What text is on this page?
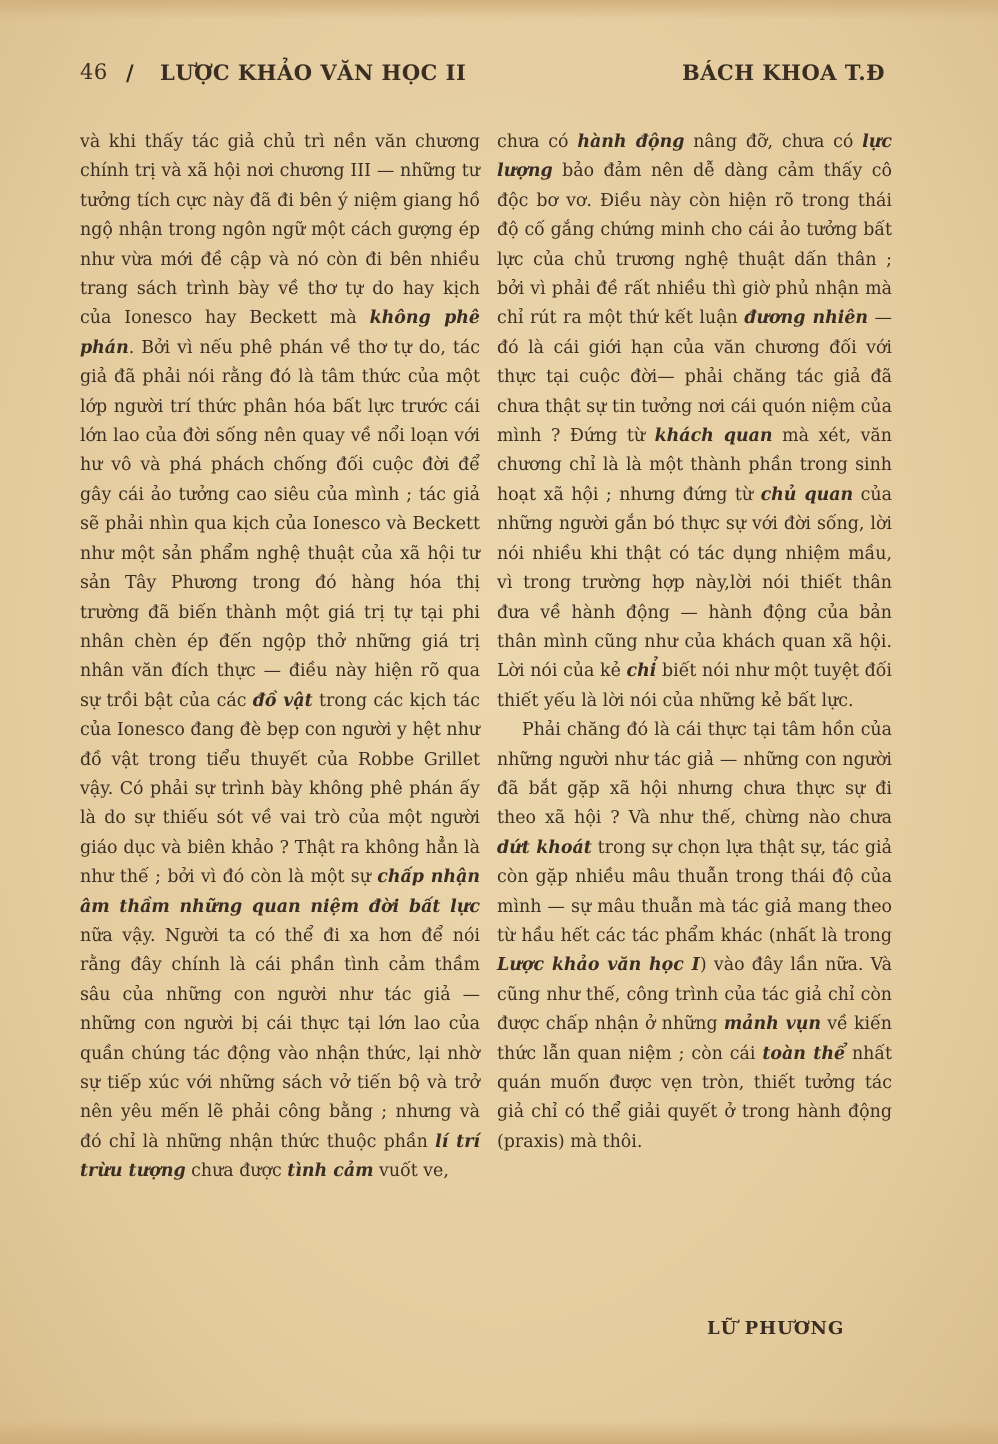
46 / LƯỢC KHẢO VĂN HỌC II	BÁCH KHOA T.Đ

và khi thấy tác giả chủ trì nền văn chương chính trị và xã hội nơi chương III — những tư tưởng tích cực này đã đi bên ý niệm giang hồ ngộ nhận trong ngôn ngữ một cách gượng ép như vừa mới đề cập và nó còn đi bên nhiều trang sách trình bày về thơ tự do hay kịch của Ionesco hay Beckett mà không phê phán. Bởi vì nếu phê phán về thơ tự do, tác giả đã phải nói rằng đó là tâm thức của một lớp người trí thức phân hóa bất lực trước cái lớn lao của đời sống nên quay về nổi loạn với hư vô và phá phách chống đối cuộc đời để gây cái ảo tưởng cao siêu của mình ; tác giả sẽ phải nhìn qua kịch của Ionesco và Beckett như một sản phẩm nghệ thuật của xã hội tư sản Tây Phương trong đó hàng hóa thị trường đã biến thành một giá trị tự tại phi nhân chèn ép đến ngộp thở những giá trị nhân văn đích thực — điều này hiện rõ qua sự trồi bật của các đồ vật trong các kịch tác của Ionesco đang đè bẹp con người y hệt như đồ vật trong tiểu thuyết của Robbe Grillet vậy. Có phải sự trình bày không phê phán ấy là do sự thiếu sót về vai trò của một người giáo dục và biên khảo ? Thật ra không hẳn là như thế ; bởi vì đó còn là một sự chấp nhận âm thầm những quan niệm đời bất lực nữa vậy. Người ta có thể đi xa hơn để nói rằng đây chính là cái phần tình cảm thầm sâu của những con người như tác giả — những con người bị cái thực tại lớn lao của quần chúng tác động vào nhận thức, lại nhờ sự tiếp xúc với những sách vở tiến bộ và trở nên yêu mến lẽ phải công bằng ; nhưng và đó chỉ là những nhận thức thuộc phần lí trí trừu tượng chưa được tình cảm vuốt ve,

chưa có hành động nâng đỡ, chưa có lực lượng bảo đảm nên dễ dàng cảm thấy cô độc bơ vơ. Điều này còn hiện rõ trong thái độ cố gắng chứng minh cho cái ảo tưởng bất lực của chủ trương nghệ thuật dấn thân ; bởi vì phải đề rất nhiều thì giờ phủ nhận mà chỉ rút ra một thứ kết luận đương nhiên — đó là cái giới hạn của văn chương đối với thực tại cuộc đời— phải chăng tác giả đã chưa thật sự tin tưởng nơi cái quón niệm của mình ? Đứng từ khách quan mà xét, văn chương chỉ là là một thành phần trong sinh hoạt xã hội ; nhưng đứng từ chủ quan của những người gắn bó thực sự với đời sống, lời nói nhiều khi thật có tác dụng nhiệm mầu, vì trong trường hợp này,lời nói thiết thân đưa về hành động — hành động của bản thân mình cũng như của khách quan xã hội. Lời nói của kẻ chỉ biết nói như một tuyệt đối thiết yếu là lời nói của những kẻ bất lực.

Phải chăng đó là cái thực tại tâm hồn của những người như tác giả — những con người đã bắt gặp xã hội nhưng chưa thực sự đi theo xã hội ? Và như thế, chừng nào chưa dứt khoát trong sự chọn lựa thật sự, tác giả còn gặp nhiều mâu thuẫn trong thái độ của mình — sự mâu thuẫn mà tác giả mang theo từ hầu hết các tác phẩm khác (nhất là trong Lược khảo văn học I) vào đây lần nữa. Và cũng như thế, công trình của tác giả chỉ còn được chấp nhận ở những mảnh vụn về kiến thức lẫn quan niệm ; còn cái toàn thể nhất quán muốn được vẹn tròn, thiết tưởng tác giả chỉ có thể giải quyết ở trong hành động (praxis) mà thôi.

LỮ PHƯƠNG
